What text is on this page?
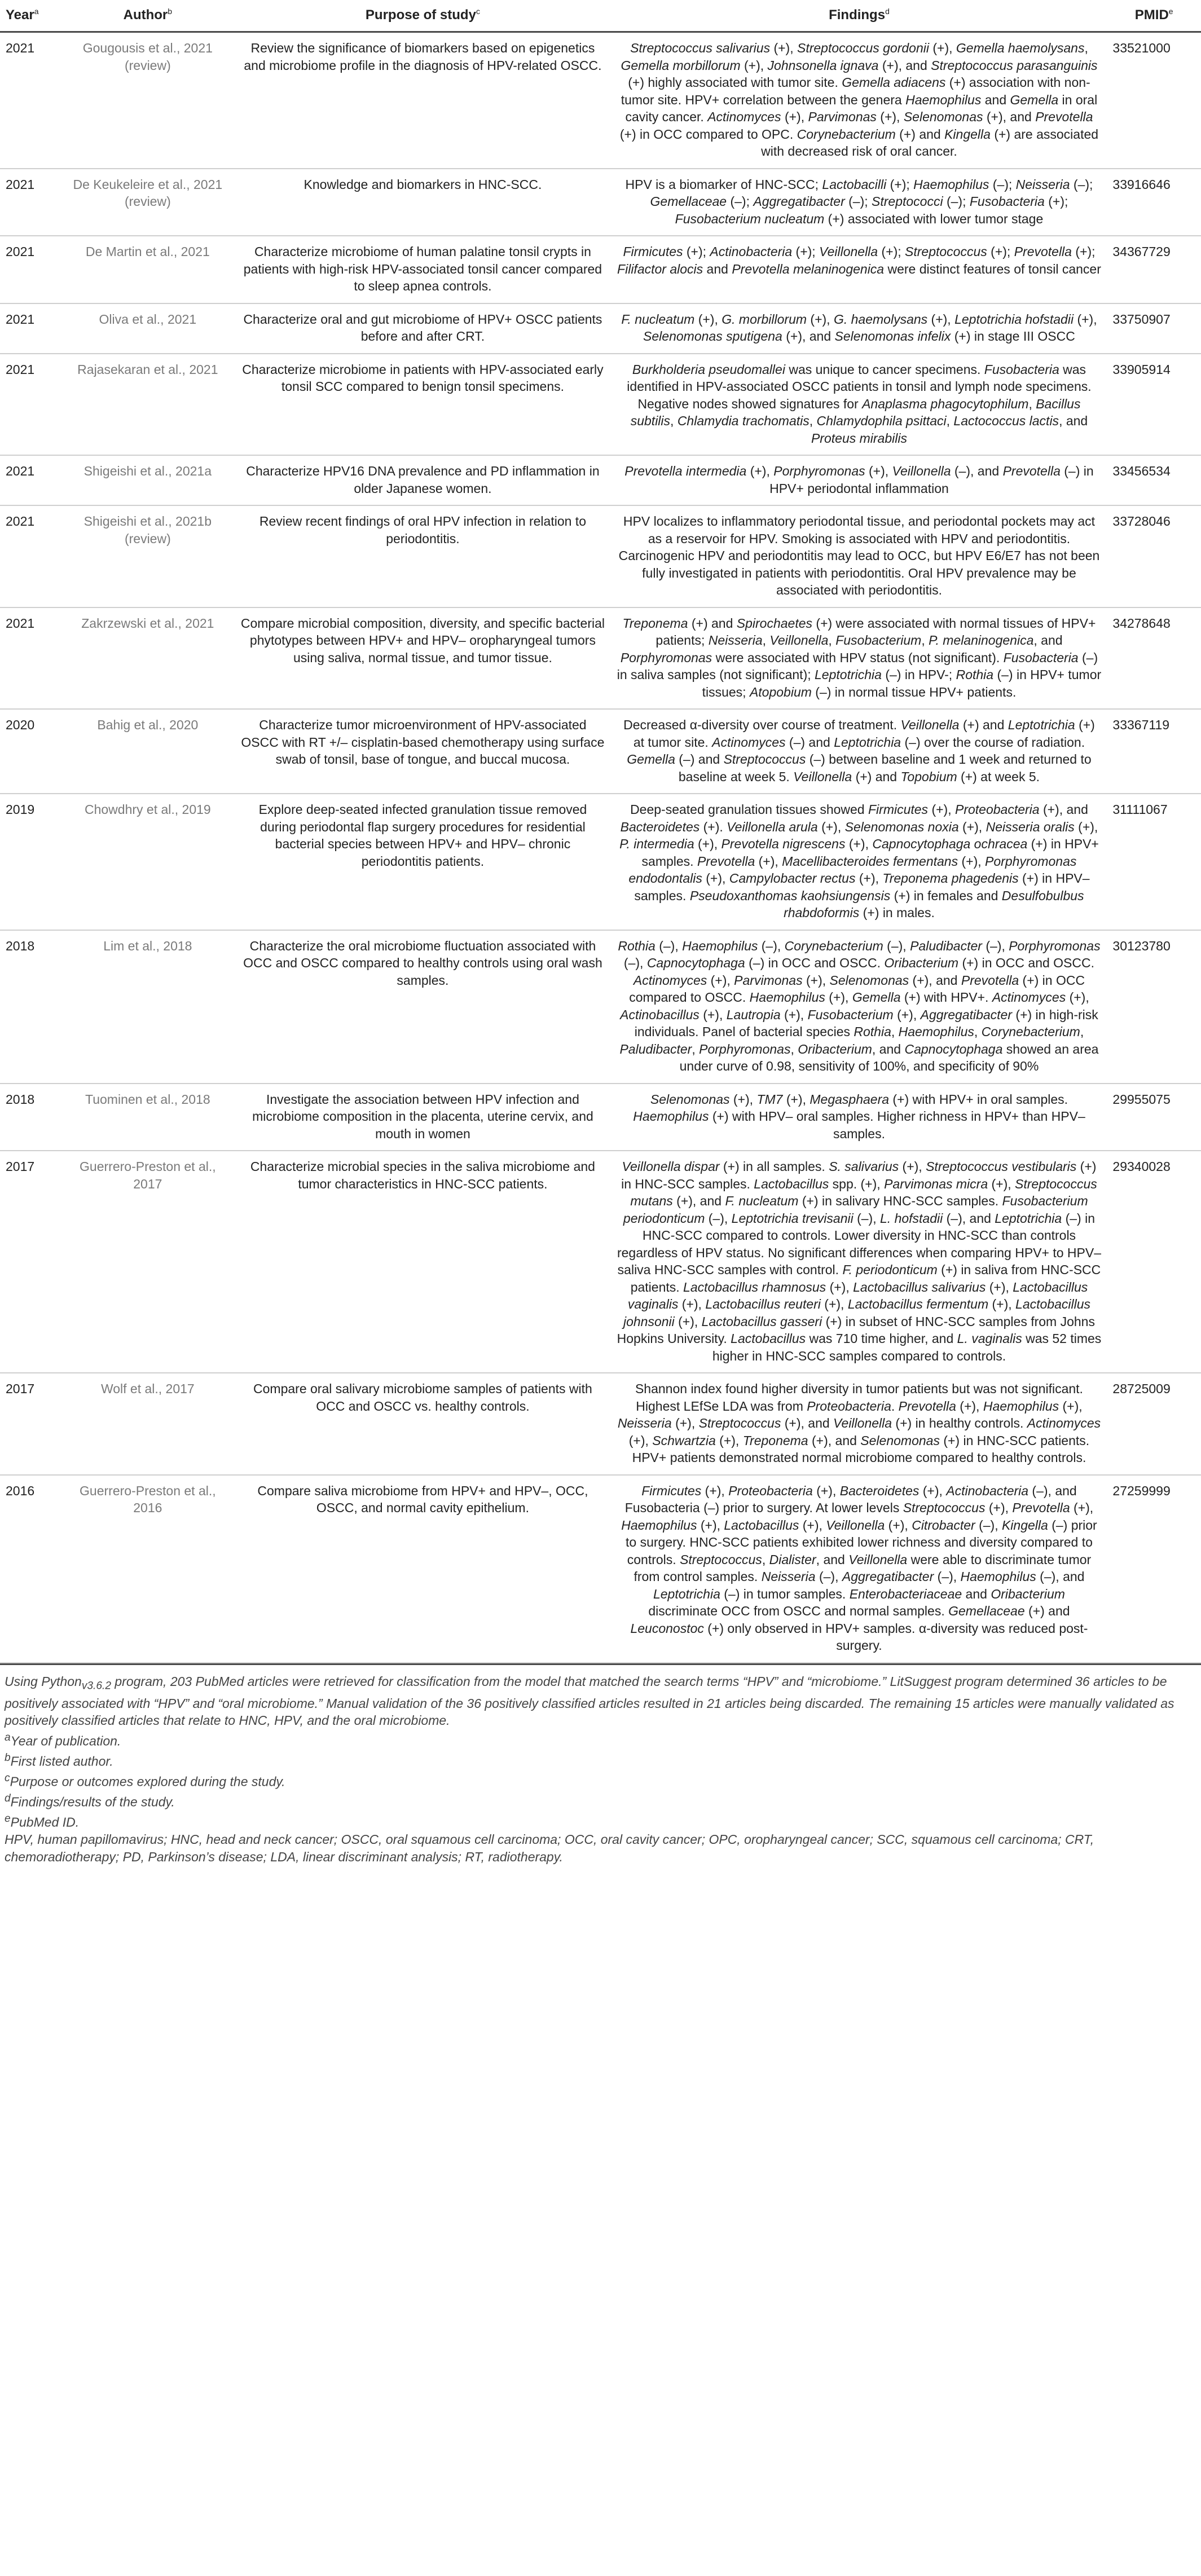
Year$^a$	Author$^b$	Purpose of study$^c$	Findings$^d$	PMID$^e$
2021	Gougousis et al., 2021 (review)	Review the significance of biomarkers based on epigenetics and microbiome profile in the diagnosis of HPV-related OSCC.	Streptococcus salivarius (+), Streptococcus gordonii (+), Gemella haemolysans, Gemella morbillorum (+), Johnsonella ignava (+), and Streptococcus parasanguinis (+) highly associated with tumor site. Gemella adiacens (+) association with non-tumor site. HPV+ correlation between the genera Haemophilus and Gemella in oral cavity cancer. Actinomyces (+), Parvimonas (+), Selenomonas (+), and Prevotella (+) in OCC compared to OPC. Corynebacterium (+) and Kingella (+) are associated with decreased risk of oral cancer.	33521000
2021	De Keukeleire et al., 2021 (review)	Knowledge and biomarkers in HNC-SCC.	HPV is a biomarker of HNC-SCC; Lactobacilli (+); Haemophilus (–); Neisseria (–); Gemellaceae (–); Aggregatibacter (–); Streptococci (–); Fusobacteria (+); Fusobacterium nucleatum (+) associated with lower tumor stage	33916646
2021	De Martin et al., 2021	Characterize microbiome of human palatine tonsil crypts in patients with high-risk HPV-associated tonsil cancer compared to sleep apnea controls.	Firmicutes (+); Actinobacteria (+); Veillonella (+); Streptococcus (+); Prevotella (+); Filifactor alocis and Prevotella melaninogenica were distinct features of tonsil cancer	34367729
2021	Oliva et al., 2021	Characterize oral and gut microbiome of HPV+ OSCC patients before and after CRT.	F. nucleatum (+), G. morbillorum (+), G. haemolysans (+), Leptotrichia hofstadii (+), Selenomonas sputigena (+), and Selenomonas infelix (+) in stage III OSCC	33750907
2021	Rajasekaran et al., 2021	Characterize microbiome in patients with HPV-associated early tonsil SCC compared to benign tonsil specimens.	Burkholderia pseudomallei was unique to cancer specimens. Fusobacteria was identified in HPV-associated OSCC patients in tonsil and lymph node specimens. Negative nodes showed signatures for Anaplasma phagocytophilum, Bacillus subtilis, Chlamydia trachomatis, Chlamydophila psittaci, Lactococcus lactis, and Proteus mirabilis	33905914
2021	Shigeishi et al., 2021a	Characterize HPV16 DNA prevalence and PD inflammation in older Japanese women.	Prevotella intermedia (+), Porphyromonas (+), Veillonella (–), and Prevotella (–) in HPV+ periodontal inflammation	33456534
2021	Shigeishi et al., 2021b (review)	Review recent findings of oral HPV infection in relation to periodontitis.	HPV localizes to inflammatory periodontal tissue, and periodontal pockets may act as a reservoir for HPV. Smoking is associated with HPV and periodontitis. Carcinogenic HPV and periodontitis may lead to OCC, but HPV E6/E7 has not been fully investigated in patients with periodontitis. Oral HPV prevalence may be associated with periodontitis.	33728046
2021	Zakrzewski et al., 2021	Compare microbial composition, diversity, and specific bacterial phytotypes between HPV+ and HPV– oropharyngeal tumors using saliva, normal tissue, and tumor tissue.	Treponema (+) and Spirochaetes (+) were associated with normal tissues of HPV+ patients; Neisseria, Veillonella, Fusobacterium, P. melaninogenica, and Porphyromonas were associated with HPV status (not significant). Fusobacteria (–) in saliva samples (not significant); Leptotrichia (–) in HPV-; Rothia (–) in HPV+ tumor tissues; Atopobium (–) in normal tissue HPV+ patients.	34278648
2020	Bahig et al., 2020	Characterize tumor microenvironment of HPV-associated OSCC with RT +/– cisplatin-based chemotherapy using surface swab of tonsil, base of tongue, and buccal mucosa.	Decreased α-diversity over course of treatment. Veillonella (+) and Leptotrichia (+) at tumor site. Actinomyces (–) and Leptotrichia (–) over the course of radiation. Gemella (–) and Streptococcus (–) between baseline and 1 week and returned to baseline at week 5. Veillonella (+) and Topobium (+) at week 5.	33367119
2019	Chowdhry et al., 2019	Explore deep-seated infected granulation tissue removed during periodontal flap surgery procedures for residential bacterial species between HPV+ and HPV– chronic periodontitis patients.	Deep-seated granulation tissues showed Firmicutes (+), Proteobacteria (+), and Bacteroidetes (+). Veillonella arula (+), Selenomonas noxia (+), Neisseria oralis (+), P. intermedia (+), Prevotella nigrescens (+), Capnocytophaga ochracea (+) in HPV+ samples. Prevotella (+), Macellibacteroides fermentans (+), Porphyromonas endodontalis (+), Campylobacter rectus (+), Treponema phagedenis (+) in HPV– samples. Pseudoxanthomas kaohsiungensis (+) in females and Desulfobulbus rhabdoformis (+) in males.	31111067
2018	Lim et al., 2018	Characterize the oral microbiome fluctuation associated with OCC and OSCC compared to healthy controls using oral wash samples.	Rothia (–), Haemophilus (–), Corynebacterium (–), Paludibacter (–), Porphyromonas (–), Capnocytophaga (–) in OCC and OSCC. Oribacterium (+) in OCC and OSCC. Actinomyces (+), Parvimonas (+), Selenomonas (+), and Prevotella (+) in OCC compared to OSCC. Haemophilus (+), Gemella (+) with HPV+. Actinomyces (+), Actinobacillus (+), Lautropia (+), Fusobacterium (+), Aggregatibacter (+) in high-risk individuals. Panel of bacterial species Rothia, Haemophilus, Corynebacterium, Paludibacter, Porphyromonas, Oribacterium, and Capnocytophaga showed an area under curve of 0.98, sensitivity of 100%, and specificity of 90%	30123780
2018	Tuominen et al., 2018	Investigate the association between HPV infection and microbiome composition in the placenta, uterine cervix, and mouth in women	Selenomonas (+), TM7 (+), Megasphaera (+) with HPV+ in oral samples. Haemophilus (+) with HPV– oral samples. Higher richness in HPV+ than HPV– samples.	29955075
2017	Guerrero-Preston et al., 2017	Characterize microbial species in the saliva microbiome and tumor characteristics in HNC-SCC patients.	Veillonella dispar (+) in all samples. S. salivarius (+), Streptococcus vestibularis (+) in HNC-SCC samples. Lactobacillus spp. (+), Parvimonas micra (+), Streptococcus mutans (+), and F. nucleatum (+) in salivary HNC-SCC samples. Fusobacterium periodonticum (–), Leptotrichia trevisanii (–), L. hofstadii (–), and Leptotrichia (–) in HNC-SCC compared to controls. Lower diversity in HNC-SCC than controls regardless of HPV status. No significant differences when comparing HPV+ to HPV– saliva HNC-SCC samples with control. F. periodonticum (+) in saliva from HNC-SCC patients. Lactobacillus rhamnosus (+), Lactobacillus salivarius (+), Lactobacillus vaginalis (+), Lactobacillus reuteri (+), Lactobacillus fermentum (+), Lactobacillus johnsonii (+), Lactobacillus gasseri (+) in subset of HNC-SCC samples from Johns Hopkins University. Lactobacillus was 710 time higher, and L. vaginalis was 52 times higher in HNC-SCC samples compared to controls.	29340028
2017	Wolf et al., 2017	Compare oral salivary microbiome samples of patients with OCC and OSCC vs. healthy controls.	Shannon index found higher diversity in tumor patients but was not significant. Highest LEfSe LDA was from Proteobacteria. Prevotella (+), Haemophilus (+), Neisseria (+), Streptococcus (+), and Veillonella (+) in healthy controls. Actinomyces (+), Schwartzia (+), Treponema (+), and Selenomonas (+) in HNC-SCC patients. HPV+ patients demonstrated normal microbiome compared to healthy controls.	28725009
2016	Guerrero-Preston et al., 2016	Compare saliva microbiome from HPV+ and HPV–, OCC, OSCC, and normal cavity epithelium.	Firmicutes (+), Proteobacteria (+), Bacteroidetes (+), Actinobacteria (–), and Fusobacteria (–) prior to surgery. At lower levels Streptococcus (+), Prevotella (+), Haemophilus (+), Lactobacillus (+), Veillonella (+), Citrobacter (–), Kingella (–) prior to surgery. HNC-SCC patients exhibited lower richness and diversity compared to controls. Streptococcus, Dialister, and Veillonella were able to discriminate tumor from control samples. Neisseria (–), Aggregatibacter (–), Haemophilus (–), and Leptotrichia (–) in tumor samples. Enterobacteriaceae and Oribacterium discriminate OCC from OSCC and normal samples. Gemellaceae (+) and Leuconostoc (+) only observed in HPV+ samples. α-diversity was reduced post-surgery.	27259999

Using Python$_{v3.6.2}$ program, 203 PubMed articles were retrieved for classification from the model that matched the search terms “HPV” and “microbiome.” LitSuggest program determined 36 articles to be positively associated with “HPV” and “oral microbiome.” Manual validation of the 36 positively classified articles resulted in 21 articles being discarded. The remaining 15 articles were manually validated as positively classified articles that relate to HNC, HPV, and the oral microbiome.

$^a$Year of publication.

$^b$First listed author.

$^c$Purpose or outcomes explored during the study.

$^d$Findings/results of the study.

$^e$PubMed ID.

HPV, human papillomavirus; HNC, head and neck cancer; OSCC, oral squamous cell carcinoma; OCC, oral cavity cancer; OPC, oropharyngeal cancer; SCC, squamous cell carcinoma; CRT, chemoradiotherapy; PD, Parkinson’s disease; LDA, linear discriminant analysis; RT, radiotherapy.
